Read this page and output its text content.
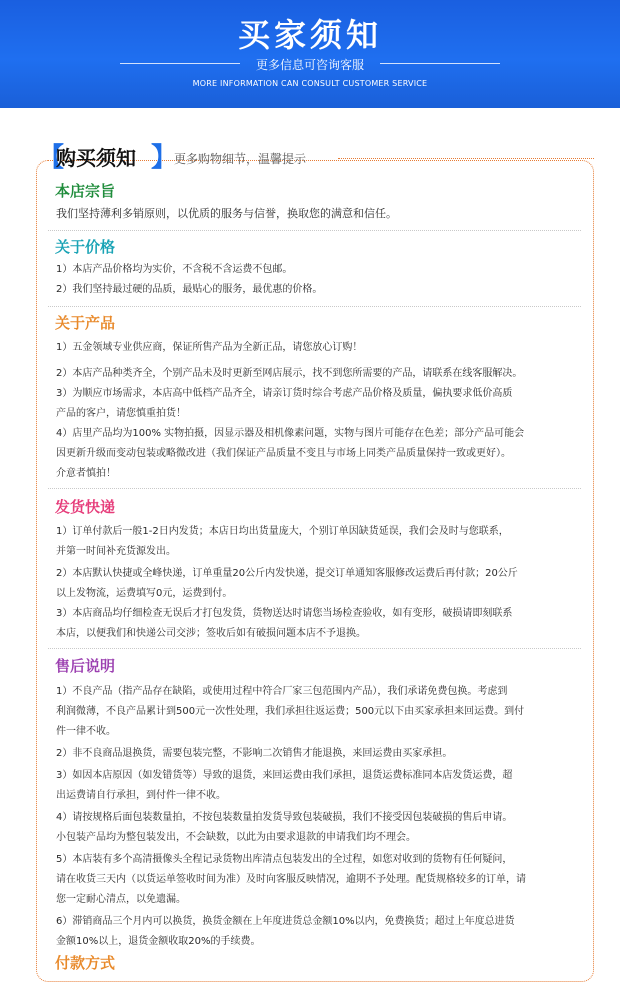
买家须知
更多信息可咨询客服
MORE INFORMATION CAN CONSULT CUSTOMER SERVICE
【
购买须知 】
更多购物细节，温馨提示
本店宗旨

我们坚持薄利多销原则，以优质的服务与信誉，换取您的满意和信任。

关于价格

1）本店产品价格均为实价，不含税不含运费不包邮。

2）我们坚持最过硬的品质，最贴心的服务，最优惠的价格。

关于产品

1）五金领域专业供应商，保证所售产品为全新正品，请您放心订购！

2）本店产品种类齐全，个别产品未及时更新至网店展示，找不到您所需要的产品，请联系在线客服解决。

3）为顺应市场需求，本店高中低档产品齐全，请亲订货时综合考虑产品价格及质量，偏执要求低价高质

产品的客户，请您慎重拍货！

4）店里产品均为100% 实物拍摄，因显示器及相机像素问题，实物与图片可能存在色差；部分产品可能会

因更新升级而变动包装或略微改进（我们保证产品质量不变且与市场上同类产品质量保持一致或更好）。

介意者慎拍！

发货快递

1）订单付款后一般1-2日内发货；本店日均出货量庞大，个别订单因缺货延误，我们会及时与您联系，

并第一时间补充货源发出。

2）本店默认快捷或全峰快递，订单重量20公斤内发快递，提交订单通知客服修改运费后再付款；20公斤

以上发物流，运费填写0元，运费到付。

3）本店商品均仔细检查无误后才打包发货，货物送达时请您当场检查验收，如有变形，破损请即刻联系

本店，以便我们和快递公司交涉；签收后如有破损问题本店不予退换。

售后说明

1）不良产品（指产品存在缺陷，或使用过程中符合厂家三包范围内产品），我们承诺免费包换。考虑到

利润微薄，不良产品累计到500元一次性处理，我们承担往返运费；500元以下由买家承担来回运费。到付

件一律不收。

2）非不良商品退换货，需要包装完整，不影响二次销售才能退换，来回运费由买家承担。

3）如因本店原因（如发错货等）导致的退货，来回运费由我们承担，退货运费标准同本店发货运费，超

出运费请自行承担，到付件一律不收。

4）请按规格后面包装数量拍，不按包装数量拍发货导致包装破损，我们不接受因包装破损的售后申请。

小包装产品均为整包装发出，不会缺数，以此为由要求退款的申请我们均不理会。

5）本店装有多个高清摄像头全程记录货物出库清点包装发出的全过程，如您对收到的货物有任何疑问，

请在收货三天内（以货运单签收时间为准）及时向客服反映情况，逾期不予处理。配货规格较多的订单，请

您一定耐心清点，以免遗漏。

6）滞销商品三个月内可以换货，换货金额在上年度进货总金额10%以内，免费换货；超过上年度总进货

金额10%以上，退货金额收取20%的手续费。

付款方式
